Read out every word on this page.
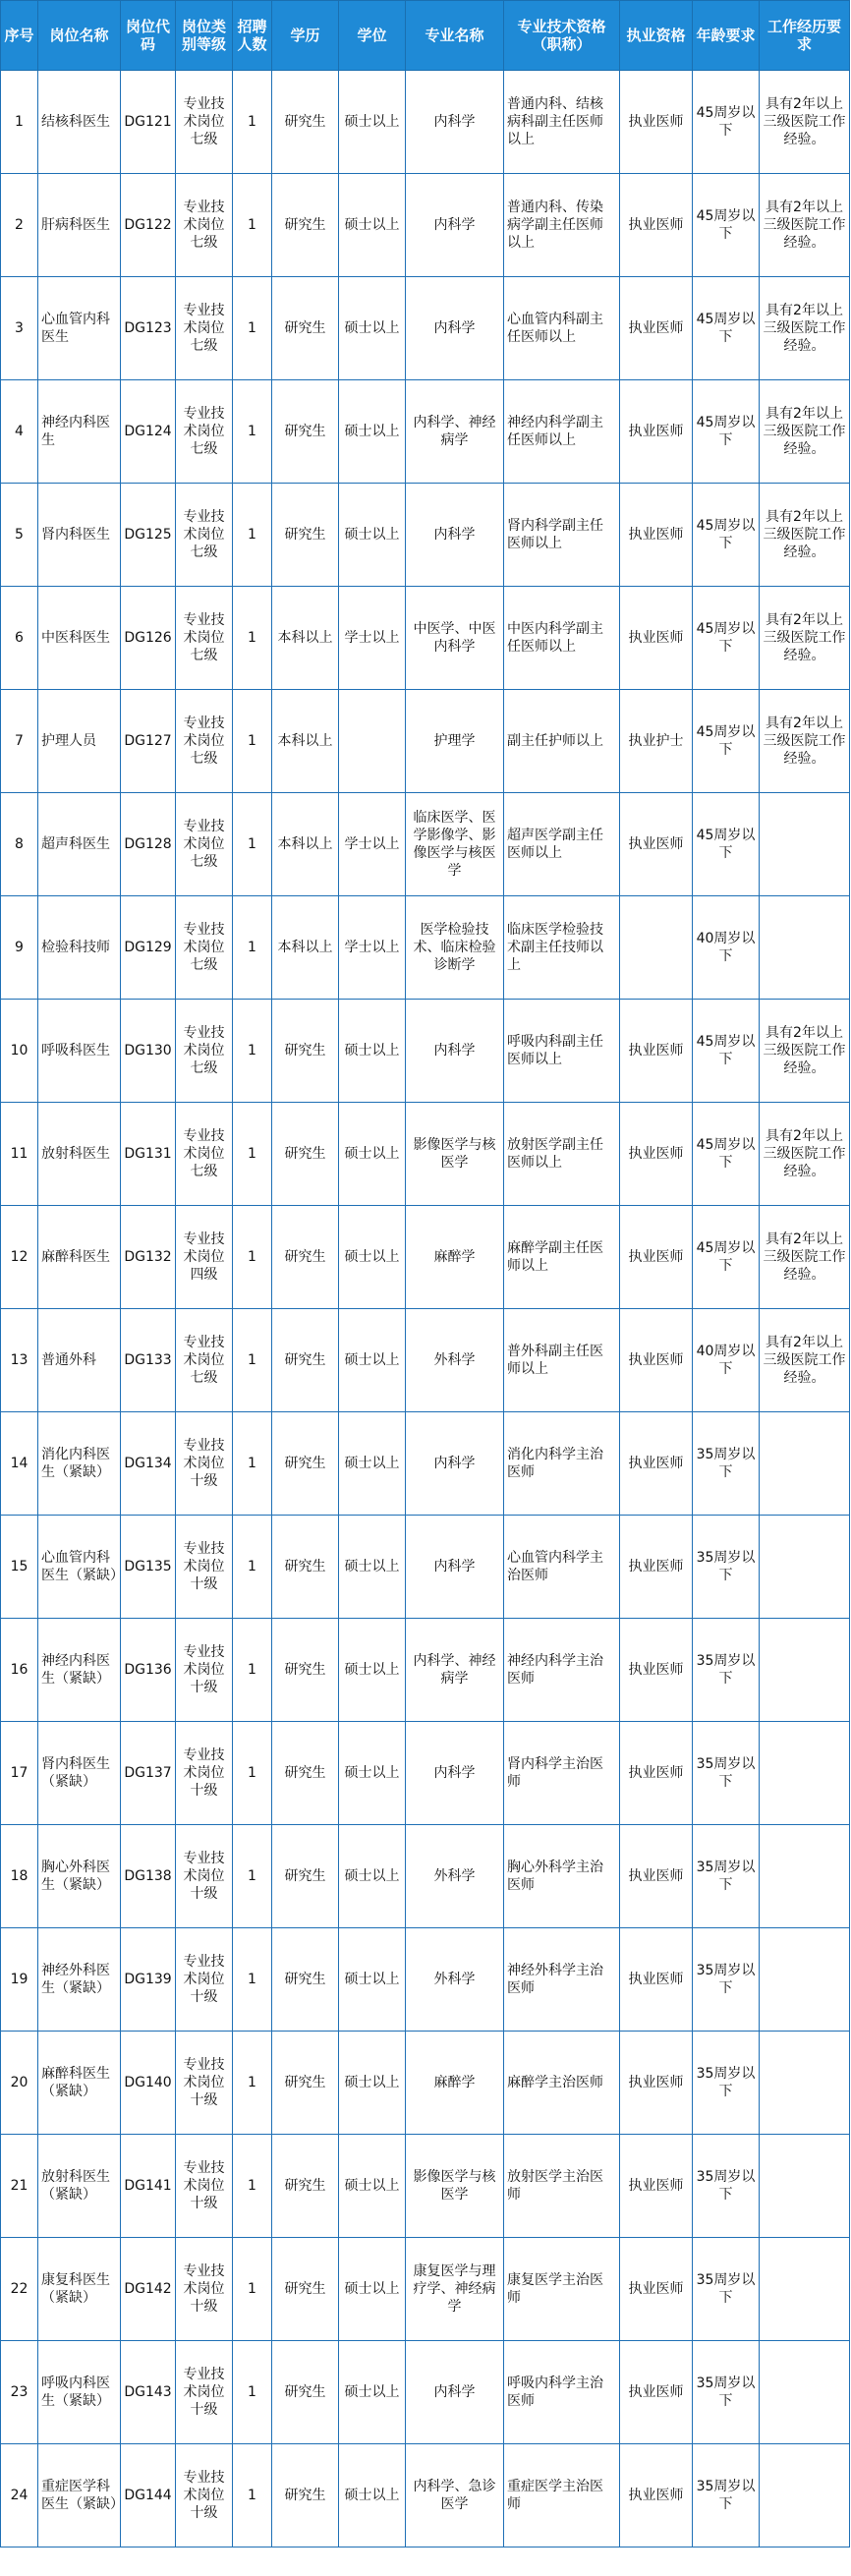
序号	岗位名称	岗位代码	岗位类别等级	招聘人数	学历	学位	专业名称	专业技术资格（职称）	执业资格	年龄要求	工作经历要求
1	结核科医生	DG121	专业技术岗位七级	1	研究生	硕士以上	内科学	普通内科、结核病科副主任医师以上	执业医师	45周岁以下	具有2年以上三级医院工作经验。
2	肝病科医生	DG122	专业技术岗位七级	1	研究生	硕士以上	内科学	普通内科、传染病学副主任医师以上	执业医师	45周岁以下	具有2年以上三级医院工作经验。
3	心血管内科医生	DG123	专业技术岗位七级	1	研究生	硕士以上	内科学	心血管内科副主任医师以上	执业医师	45周岁以下	具有2年以上三级医院工作经验。
4	神经内科医生	DG124	专业技术岗位七级	1	研究生	硕士以上	内科学、神经病学	神经内科学副主任医师以上	执业医师	45周岁以下	具有2年以上三级医院工作经验。
5	肾内科医生	DG125	专业技术岗位七级	1	研究生	硕士以上	内科学	肾内科学副主任医师以上	执业医师	45周岁以下	具有2年以上三级医院工作经验。
6	中医科医生	DG126	专业技术岗位七级	1	本科以上	学士以上	中医学、中医内科学	中医内科学副主任医师以上	执业医师	45周岁以下	具有2年以上三级医院工作经验。
7	护理人员	DG127	专业技术岗位七级	1	本科以上		护理学	副主任护师以上	执业护士	45周岁以下	具有2年以上三级医院工作经验。
8	超声科医生	DG128	专业技术岗位七级	1	本科以上	学士以上	临床医学、医学影像学、影像医学与核医学	超声医学副主任医师以上	执业医师	45周岁以下	
9	检验科技师	DG129	专业技术岗位七级	1	本科以上	学士以上	医学检验技术、临床检验诊断学	临床医学检验技术副主任技师以上		40周岁以下	
10	呼吸科医生	DG130	专业技术岗位七级	1	研究生	硕士以上	内科学	呼吸内科副主任医师以上	执业医师	45周岁以下	具有2年以上三级医院工作经验。
11	放射科医生	DG131	专业技术岗位七级	1	研究生	硕士以上	影像医学与核医学	放射医学副主任医师以上	执业医师	45周岁以下	具有2年以上三级医院工作经验。
12	麻醉科医生	DG132	专业技术岗位四级	1	研究生	硕士以上	麻醉学	麻醉学副主任医师以上	执业医师	45周岁以下	具有2年以上三级医院工作经验。
13	普通外科	DG133	专业技术岗位七级	1	研究生	硕士以上	外科学	普外科副主任医师以上	执业医师	40周岁以下	具有2年以上三级医院工作经验。
14	消化内科医生（紧缺）	DG134	专业技术岗位十级	1	研究生	硕士以上	内科学	消化内科学主治医师	执业医师	35周岁以下	
15	心血管内科医生（紧缺）	DG135	专业技术岗位十级	1	研究生	硕士以上	内科学	心血管内科学主治医师	执业医师	35周岁以下	
16	神经内科医生（紧缺）	DG136	专业技术岗位十级	1	研究生	硕士以上	内科学、神经病学	神经内科学主治医师	执业医师	35周岁以下	
17	肾内科医生（紧缺）	DG137	专业技术岗位十级	1	研究生	硕士以上	内科学	肾内科学主治医师	执业医师	35周岁以下	
18	胸心外科医生（紧缺）	DG138	专业技术岗位十级	1	研究生	硕士以上	外科学	胸心外科学主治医师	执业医师	35周岁以下	
19	神经外科医生（紧缺）	DG139	专业技术岗位十级	1	研究生	硕士以上	外科学	神经外科学主治医师	执业医师	35周岁以下	
20	麻醉科医生（紧缺）	DG140	专业技术岗位十级	1	研究生	硕士以上	麻醉学	麻醉学主治医师	执业医师	35周岁以下	
21	放射科医生（紧缺）	DG141	专业技术岗位十级	1	研究生	硕士以上	影像医学与核医学	放射医学主治医师	执业医师	35周岁以下	
22	康复科医生（紧缺）	DG142	专业技术岗位十级	1	研究生	硕士以上	康复医学与理疗学、神经病学	康复医学主治医师	执业医师	35周岁以下	
23	呼吸内科医生（紧缺）	DG143	专业技术岗位十级	1	研究生	硕士以上	内科学	呼吸内科学主治医师	执业医师	35周岁以下	
24	重症医学科医生（紧缺）	DG144	专业技术岗位十级	1	研究生	硕士以上	内科学、急诊医学	重症医学主治医师	执业医师	35周岁以下	
